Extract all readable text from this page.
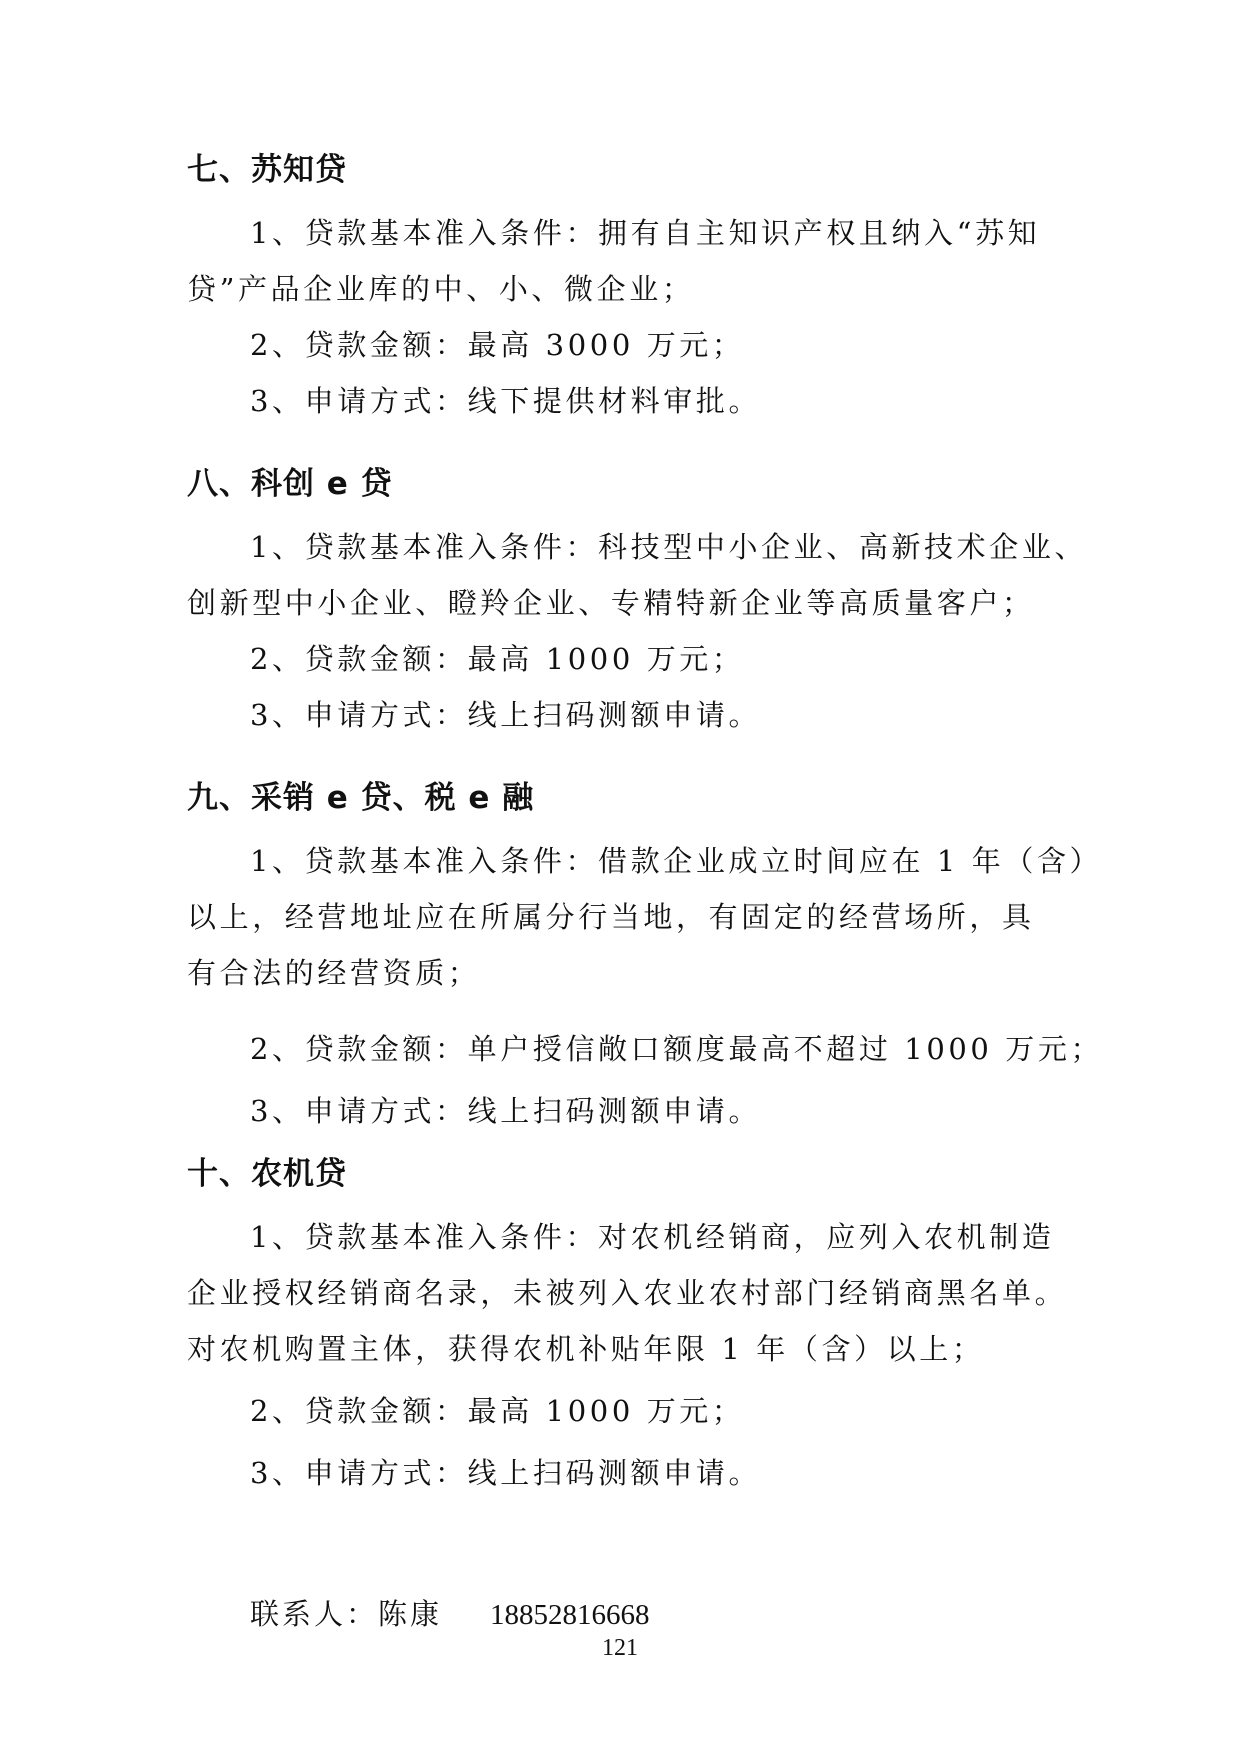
七、苏知贷

1、贷款基本准入条件：拥有自主知识产权且纳入“苏知

贷”产品企业库的中、小、微企业；

2、贷款金额：最高 3000 万元；

3、申请方式：线下提供材料审批。

八、科创 e 贷

1、贷款基本准入条件：科技型中小企业、高新技术企业、

创新型中小企业、瞪羚企业、专精特新企业等高质量客户；

2、贷款金额：最高 1000 万元；

3、申请方式：线上扫码测额申请。

九、采销 e 贷、税 e 融

1、贷款基本准入条件：借款企业成立时间应在 1 年（含）

以上，经营地址应在所属分行当地，有固定的经营场所，具

有合法的经营资质；

2、贷款金额：单户授信敞口额度最高不超过 1000 万元；

3、申请方式：线上扫码测额申请。

十、农机贷

1、贷款基本准入条件：对农机经销商，应列入农机制造

企业授权经销商名录，未被列入农业农村部门经销商黑名单。

对农机购置主体，获得农机补贴年限 1 年（含）以上；

2、贷款金额：最高 1000 万元；

3、申请方式：线上扫码测额申请。

联系人：陈康 18852816668

121
